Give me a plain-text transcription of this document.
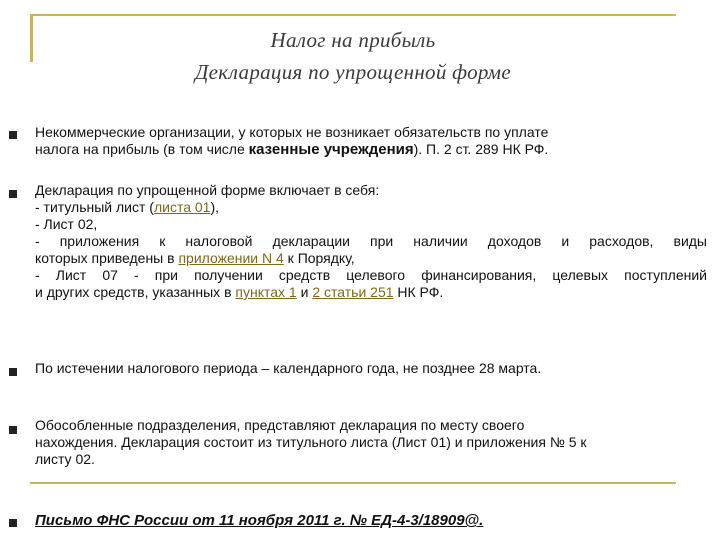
Налог на прибыль
Декларация по упрощенной форме
Некоммерческие организации, у которых не возникает обязательств по уплате
налога на прибыль (в том числе казенные учреждения). П. 2 ст. 289 НК РФ.
Декларация по упрощенной форме включает в себя:
- титульный лист (листа 01),
- Лист 02,
- приложения к налоговой декларации при наличии доходов и расходов, виды
которых приведены в приложении N 4 к Порядку,
- Лист 07 - при получении средств целевого финансирования, целевых поступлений
и других средств, указанных в пунктах 1 и 2 статьи 251 НК РФ.
По истечении налогового периода – календарного года, не позднее 28 марта.
Обособленные подразделения, представляют декларация по месту своего
нахождения. Декларация состоит из титульного листа (Лист 01) и приложения № 5 к
листу 02.
Письмо ФНС России от 11 ноября 2011 г. № ЕД-4-3/18909@.
